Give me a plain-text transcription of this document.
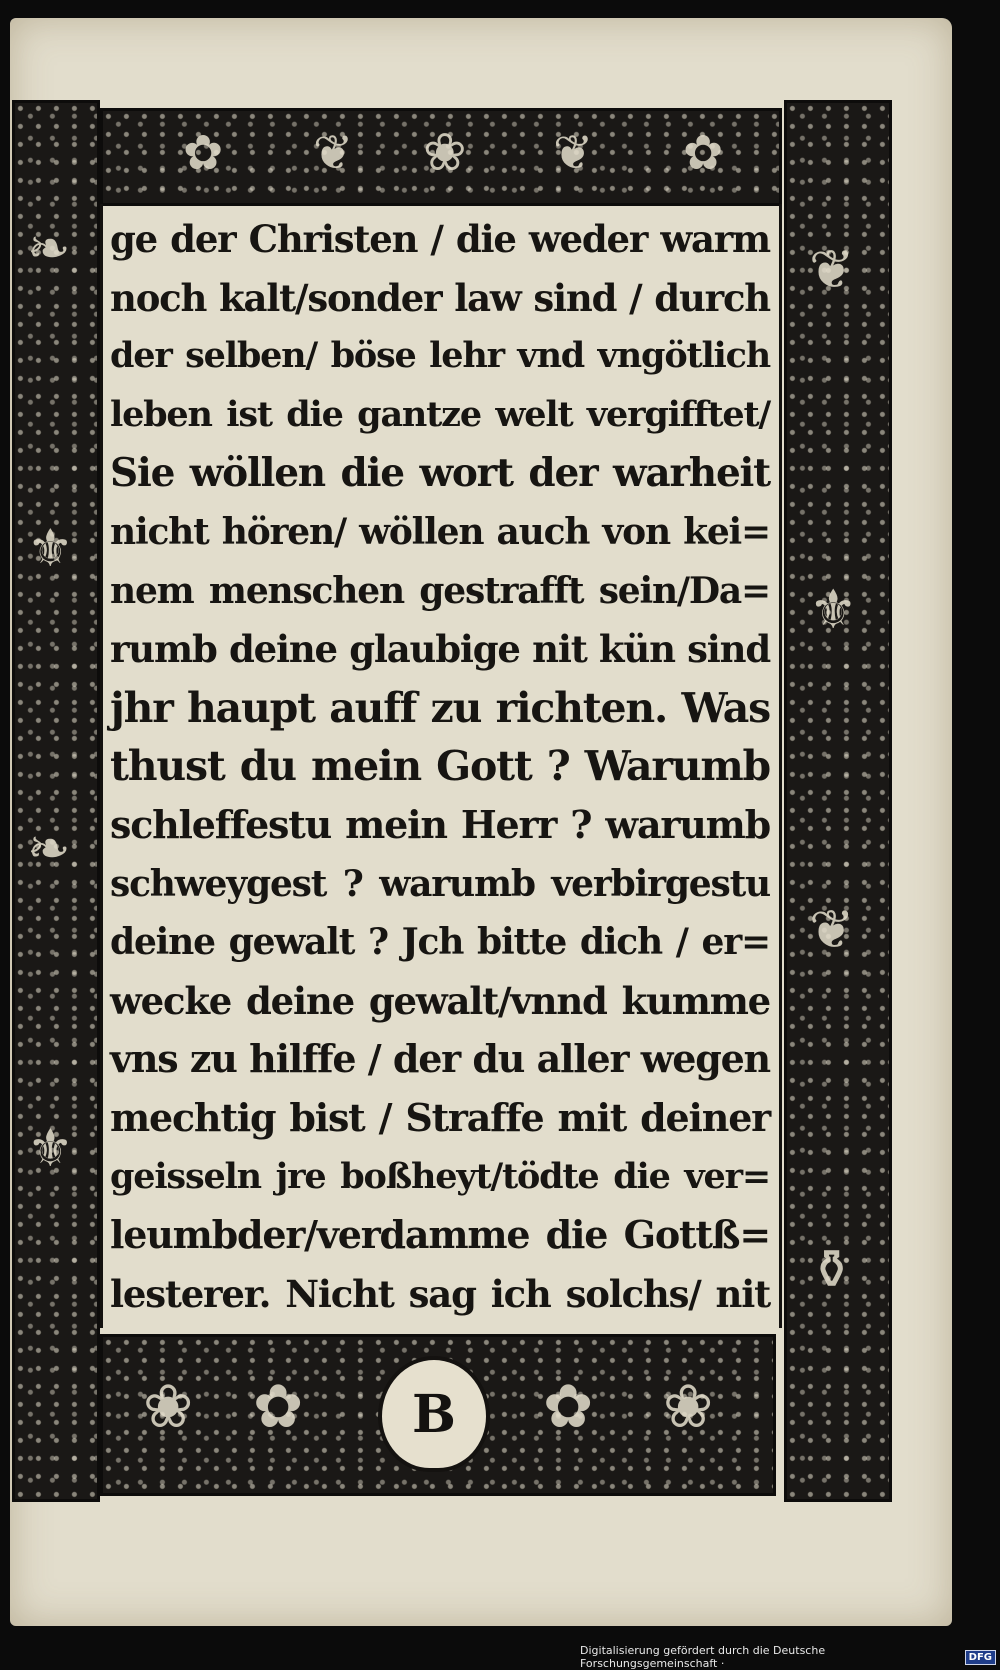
✿ ❦ ❀ ❦ ✿
❧
⚜
❧
⚜
❦
⚜
❦
⚱
❀ ✿	✿ ❀
B
ge der Christen / die weder warm
noch kalt/sonder law sind / durch
der selben/ böse lehr vnd vngötlich
leben ist die gantze welt vergifftet/
Sie wöllen die wort der warheit
nicht hören/ wöllen auch von kei=
nem menschen gestrafft sein/Da=
rumb deine glaubige nit kün sind
jhr haupt auff zu richten. Was
thust du mein Gott ? Warumb
schleffestu mein Herr ? warumb
schweygest ? warumb verbirgestu
deine gewalt ? Jch bitte dich / er=
wecke deine gewalt/vnnd kumme
vns zu hilffe / der du aller wegen
mechtig bist / Straffe mit deiner
geisseln jre boßheyt/tödte die ver=
leumbder/verdamme die Gottß=
lesterer. Nicht sag ich solchs/ nit
Digitalisierung gefördert durch die Deutsche Forschungsgemeinschaft ·	DFG
